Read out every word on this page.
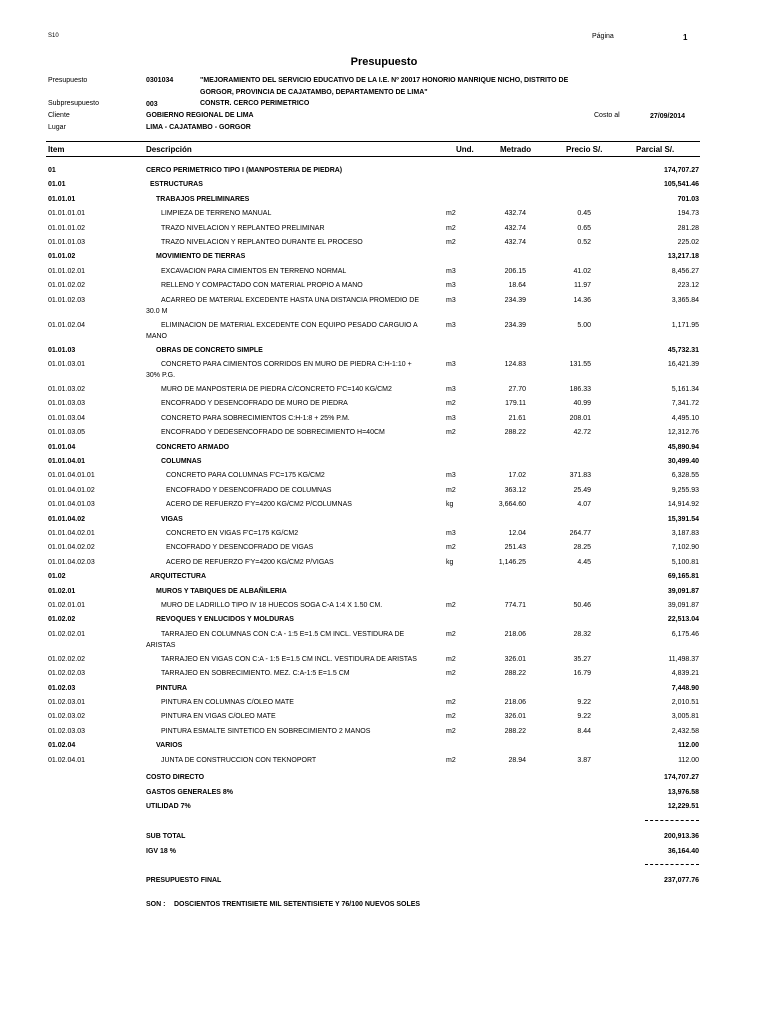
S10	Página	1
Presupuesto
Presupuesto	0301034	"MEJORAMIENTO DEL SERVICIO EDUCATIVO DE LA I.E. Nº 20017 HONORIO MANRIQUE NICHO, DISTRITO DE
GORGOR, PROVINCIA DE CAJATAMBO, DEPARTAMENTO DE LIMA"
Subpresupuesto	003	CONSTR. CERCO PERIMETRICO
Cliente	GOBIERNO REGIONAL DE LIMA	Costo al	27/09/2014
Lugar	LIMA - CAJATAMBO - GORGOR
Item	Descripción	Und.	Metrado	Precio S/.	Parcial S/.
01	CERCO PERIMETRICO TIPO I (MANPOSTERIA DE PIEDRA)	174,707.27
01.01	ESTRUCTURAS	105,541.46
01.01.01	TRABAJOS PRELIMINARES	701.03
01.01.01.01	LIMPIEZA DE TERRENO MANUAL	m2	432.74	0.45	194.73
01.01.01.02	TRAZO NIVELACION Y REPLANTEO PRELIMINAR	m2	432.74	0.65	281.28
01.01.01.03	TRAZO NIVELACION Y REPLANTEO DURANTE EL PROCESO	m2	432.74	0.52	225.02
01.01.02	MOVIMIENTO DE TIERRAS	13,217.18
01.01.02.01	EXCAVACION PARA CIMIENTOS EN TERRENO NORMAL	m3	206.15	41.02	8,456.27
01.01.02.02	RELLENO Y COMPACTADO CON MATERIAL PROPIO A MANO	m3	18.64	11.97	223.12
01.01.02.03	ACARREO DE MATERIAL EXCEDENTE HASTA UNA DISTANCIA PROMEDIO DE	m3	234.39	14.36	3,365.84
30.0 M
01.01.02.04	ELIMINACION DE MATERIAL EXCEDENTE CON EQUIPO PESADO CARGUIO A	m3	234.39	5.00	1,171.95
MANO
01.01.03	OBRAS DE CONCRETO SIMPLE	45,732.31
01.01.03.01	CONCRETO PARA CIMIENTOS CORRIDOS EN MURO DE PIEDRA C:H-1:10 +	m3	124.83	131.55	16,421.39
30% P.G.
01.01.03.02	MURO DE MANPOSTERIA DE PIEDRA C/CONCRETO F'C=140 KG/CM2	m3	27.70	186.33	5,161.34
01.01.03.03	ENCOFRADO Y DESENCOFRADO DE MURO DE PIEDRA	m2	179.11	40.99	7,341.72
01.01.03.04	CONCRETO PARA SOBRECIMIENTOS C:H-1:8 + 25% P.M.	m3	21.61	208.01	4,495.10
01.01.03.05	ENCOFRADO Y DEDESENCOFRADO DE SOBRECIMIENTO H=40CM	m2	288.22	42.72	12,312.76
01.01.04	CONCRETO ARMADO	45,890.94
01.01.04.01	COLUMNAS	30,499.40
01.01.04.01.01	CONCRETO PARA COLUMNAS F'C=175 KG/CM2	m3	17.02	371.83	6,328.55
01.01.04.01.02	ENCOFRADO Y DESENCOFRADO DE COLUMNAS	m2	363.12	25.49	9,255.93
01.01.04.01.03	ACERO DE REFUERZO F'Y=4200 KG/CM2 P/COLUMNAS	kg	3,664.60	4.07	14,914.92
01.01.04.02	VIGAS	15,391.54
01.01.04.02.01	CONCRETO EN VIGAS F'C=175 KG/CM2	m3	12.04	264.77	3,187.83
01.01.04.02.02	ENCOFRADO Y DESENCOFRADO DE VIGAS	m2	251.43	28.25	7,102.90
01.01.04.02.03	ACERO DE REFUERZO F'Y=4200 KG/CM2 P/VIGAS	kg	1,146.25	4.45	5,100.81
01.02	ARQUITECTURA	69,165.81
01.02.01	MUROS Y TABIQUES DE ALBAÑILERIA	39,091.87
01.02.01.01	MURO DE LADRILLO TIPO IV 18 HUECOS SOGA C-A 1:4 X 1.50 CM.	m2	774.71	50.46	39,091.87
01.02.02	REVOQUES Y ENLUCIDOS Y MOLDURAS	22,513.04
01.02.02.01	TARRAJEO EN COLUMNAS CON C:A - 1:5 E=1.5 CM INCL. VESTIDURA DE	m2	218.06	28.32	6,175.46
ARISTAS
01.02.02.02	TARRAJEO EN VIGAS CON C:A - 1:5 E=1.5 CM INCL. VESTIDURA DE ARISTAS	m2	326.01	35.27	11,498.37
01.02.02.03	TARRAJEO EN SOBRECIMIENTO. MEZ. C:A-1:5 E=1.5 CM	m2	288.22	16.79	4,839.21
01.02.03	PINTURA	7,448.90
01.02.03.01	PINTURA EN COLUMNAS C/OLEO MATE	m2	218.06	9.22	2,010.51
01.02.03.02	PINTURA EN VIGAS C/OLEO MATE	m2	326.01	9.22	3,005.81
01.02.03.03	PINTURA ESMALTE SINTETICO EN SOBRECIMIENTO 2 MANOS	m2	288.22	8.44	2,432.58
01.02.04	VARIOS	112.00
01.02.04.01	JUNTA DE CONSTRUCCION CON TEKNOPORT	m2	28.94	3.87	112.00
COSTO DIRECTO	174,707.27
GASTOS GENERALES 8%	13,976.58
UTILIDAD 7%	12,229.51
SUB TOTAL	200,913.36
IGV 18 %	36,164.40
PRESUPUESTO FINAL	237,077.76
SON : DOSCIENTOS TRENTISIETE MIL SETENTISIETE Y 76/100 NUEVOS SOLES
